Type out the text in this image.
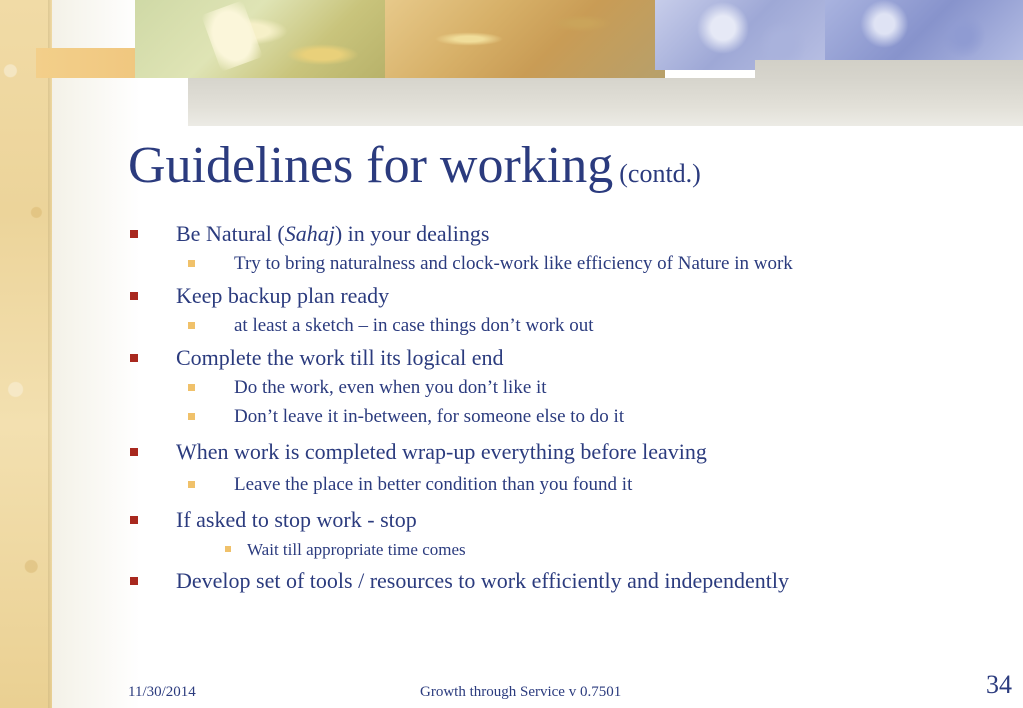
Guidelines for working (contd.)
Be Natural (Sahaj) in your dealings
Try to bring naturalness and clock-work like efficiency of Nature in work
Keep backup plan ready
at least a sketch – in case things don’t work out
Complete the work till its logical end
Do the work, even when you don’t like it
Don’t leave it in-between, for someone else to do it
When work is completed wrap-up everything before leaving
Leave the place in better condition than you found it
If asked to stop work - stop
Wait till appropriate time comes
Develop set of tools / resources to work efficiently and independently
11/30/2014	Growth through Service v 0.7501	34
